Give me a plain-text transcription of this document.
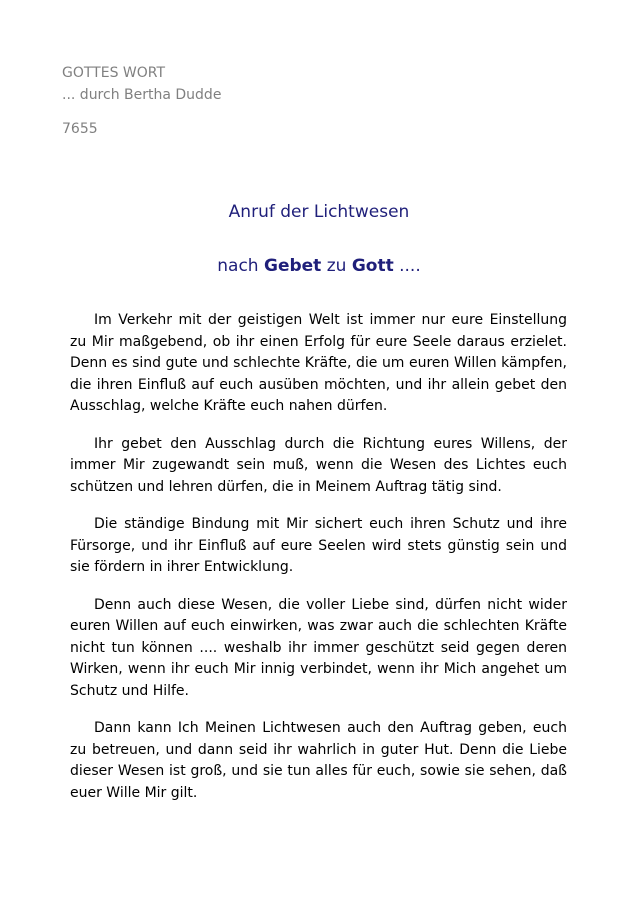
GOTTES WORT
... durch Bertha Dudde
7655
Anruf der Lichtwesen
nach Gebet zu Gott ....

Im Verkehr mit der geistigen Welt ist immer nur eure Einstellung zu Mir maßgebend, ob ihr einen Erfolg für eure Seele daraus erzielet. Denn es sind gute und schlechte Kräfte, die um euren Willen kämpfen, die ihren Einfluß auf euch ausüben möchten, und ihr allein gebet den Ausschlag, welche Kräfte euch nahen dürfen.

Ihr gebet den Ausschlag durch die Richtung eures Willens, der immer Mir zugewandt sein muß, wenn die Wesen des Lichtes euch schützen und lehren dürfen, die in Meinem Auftrag tätig sind.

Die ständige Bindung mit Mir sichert euch ihren Schutz und ihre Fürsorge, und ihr Einfluß auf eure Seelen wird stets günstig sein und sie fördern in ihrer Entwicklung.

Denn auch diese Wesen, die voller Liebe sind, dürfen nicht wider euren Willen auf euch einwirken, was zwar auch die schlechten Kräfte nicht tun können .... weshalb ihr immer geschützt seid gegen deren Wirken, wenn ihr euch Mir innig verbindet, wenn ihr Mich angehet um Schutz und Hilfe.

Dann kann Ich Meinen Lichtwesen auch den Auftrag geben, euch zu betreuen, und dann seid ihr wahrlich in guter Hut. Denn die Liebe dieser Wesen ist groß, und sie tun alles für euch, sowie sie sehen, daß euer Wille Mir gilt.
